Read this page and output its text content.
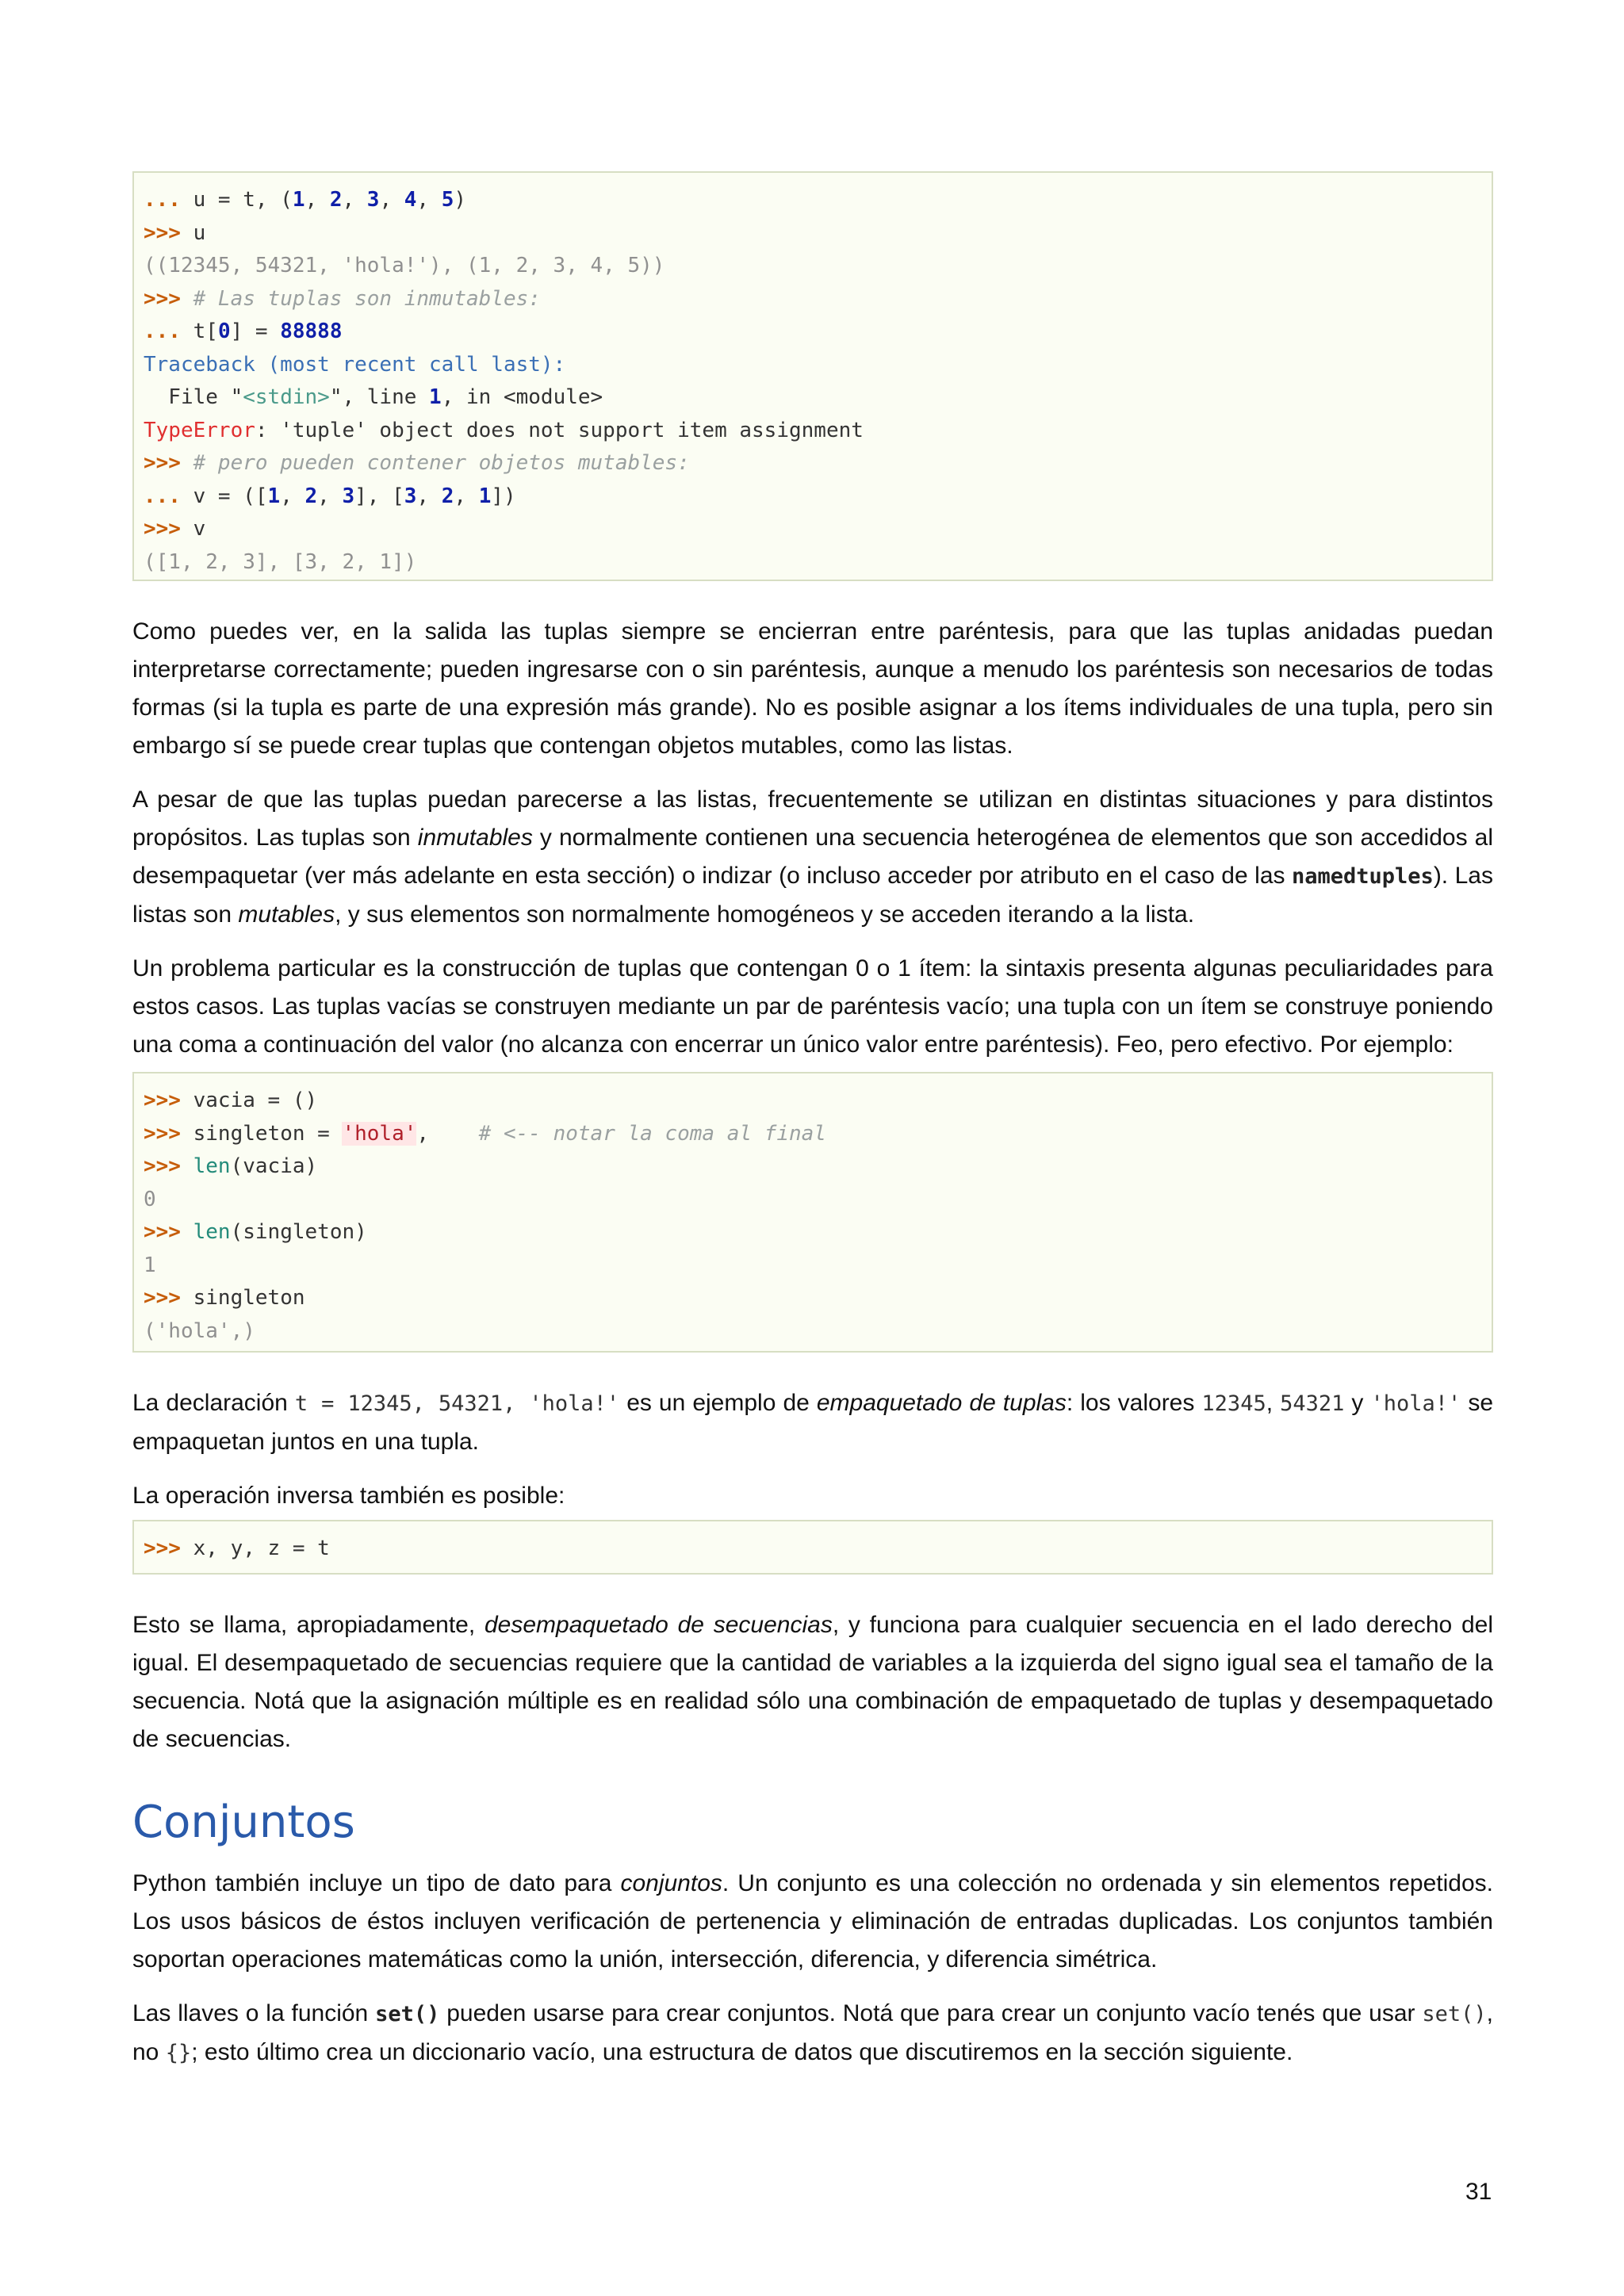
... u = t, (1, 2, 3, 4, 5)
>>> u
((12345, 54321, 'hola!'), (1, 2, 3, 4, 5))
>>> # Las tuplas son inmutables:
... t[0] = 88888
Traceback (most recent call last):
File "<stdin>", line 1, in <module>
TypeError: 'tuple' object does not support item assignment
>>> # pero pueden contener objetos mutables:
... v = ([1, 2, 3], [3, 2, 1])
>>> v
([1, 2, 3], [3, 2, 1])

Como puedes ver, en la salida las tuplas siempre se encierran entre paréntesis, para que las tuplas anidadas puedan interpretarse correctamente; pueden ingresarse con o sin paréntesis, aunque a menudo los paréntesis son necesarios de todas formas (si la tupla es parte de una expresión más grande). No es posible asignar a los ítems individuales de una tupla, pero sin embargo sí se puede crear tuplas que contengan objetos mutables, como las listas.

A pesar de que las tuplas puedan parecerse a las listas, frecuentemente se utilizan en distintas situaciones y para distintos propósitos. Las tuplas son inmutables y normalmente contienen una secuencia heterogénea de elementos que son accedidos al desempaquetar (ver más adelante en esta sección) o indizar (o incluso acceder por atributo en el caso de las namedtuples). Las listas son mutables, y sus elementos son normalmente homogéneos y se acceden iterando a la lista.

Un problema particular es la construcción de tuplas que contengan 0 o 1 ítem: la sintaxis presenta algunas peculiaridades para estos casos. Las tuplas vacías se construyen mediante un par de paréntesis vacío; una tupla con un ítem se construye poniendo una coma a continuación del valor (no alcanza con encerrar un único valor entre paréntesis). Feo, pero efectivo. Por ejemplo:

>>> vacia = ()
>>> singleton = 'hola',    # <-- notar la coma al final
>>> len(vacia)
0
>>> len(singleton)
1
>>> singleton
('hola',)

La declaración t = 12345, 54321, 'hola!' es un ejemplo de empaquetado de tuplas: los valores 12345, 54321 y 'hola!' se empaquetan juntos en una tupla.

La operación inversa también es posible:

>>> x, y, z = t

Esto se llama, apropiadamente, desempaquetado de secuencias, y funciona para cualquier secuencia en el lado derecho del igual. El desempaquetado de secuencias requiere que la cantidad de variables a la izquierda del signo igual sea el tamaño de la secuencia. Notá que la asignación múltiple es en realidad sólo una combinación de empaquetado de tuplas y desempaquetado de secuencias.

Conjuntos

Python también incluye un tipo de dato para conjuntos. Un conjunto es una colección no ordenada y sin elementos repetidos. Los usos básicos de éstos incluyen verificación de pertenencia y eliminación de entradas duplicadas. Los conjuntos también soportan operaciones matemáticas como la unión, intersección, diferencia, y diferencia simétrica.

Las llaves o la función set() pueden usarse para crear conjuntos. Notá que para crear un conjunto vacío tenés que usar set(), no {}; esto último crea un diccionario vacío, una estructura de datos que discutiremos en la sección siguiente.

31
